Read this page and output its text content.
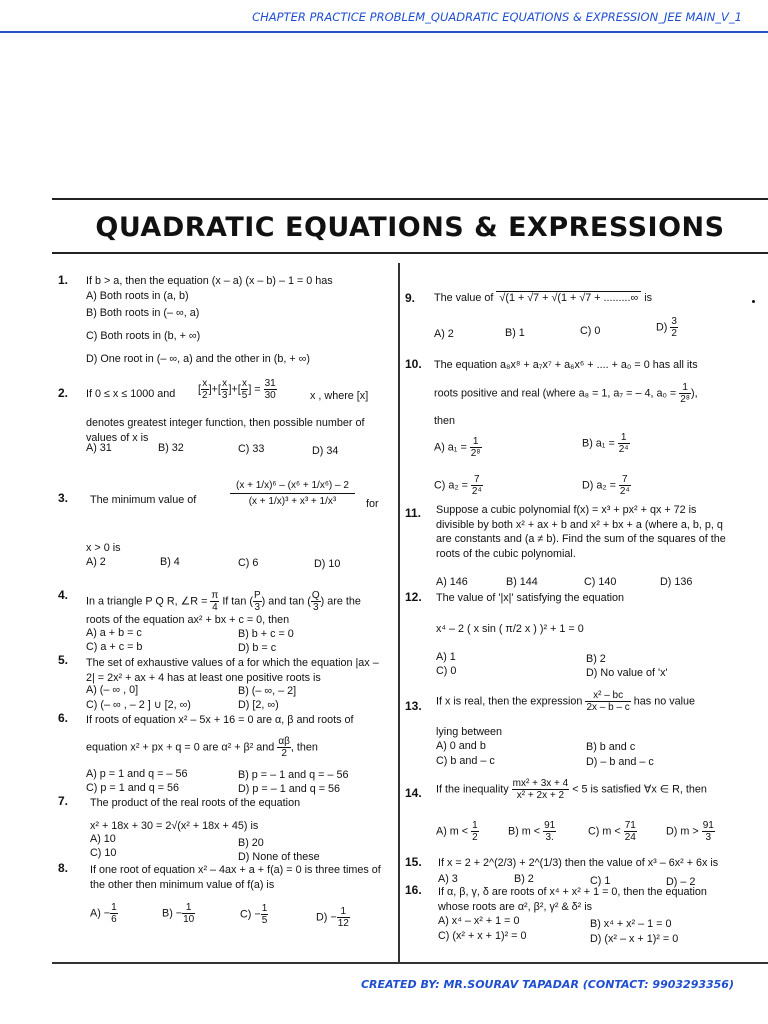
CHAPTER PRACTICE PROBLEM_QUADRATIC EQUATIONS & EXPRESSION_JEE MAIN_V_1
QUADRATIC EQUATIONS & EXPRESSIONS
1. If b > a, then the equation (x – a) (x – b) – 1 = 0 has
A) Both roots in (a, b)
B) Both roots in (– ∞, a)
C) Both roots in (b, + ∞)
D) One root in (– ∞, a) and the other in (b, + ∞)
2. If 0 ≤ x ≤ 1000 and [ $\frac{x}{2}$ ]+[ $\frac{x}{3}$ ]+[ $\frac{x}{5}$ ] = $\frac{31}{30}$	x , where [x]
denotes greatest integer function, then possible number of values of x is
A) 31	B) 32	C) 33	D) 34
3. The minimum value of	$\frac{\text{(x + 1/x)⁶ – (x⁶ + 1/x⁶) – 2}}{\text{(x + 1/x)³ + x³ + 1/x³}}$ for
x > 0 is
A) 2	B) 4	C) 6	D) 10
4. In a triangle P Q R, ∠R = $\frac{\pi}{4}$ If tan ( $\frac{P}{3}$ ) and tan ( $\frac{Q}{3}$ ) are the
roots of the equation ax² + bx + c = 0, then
A) a + b = c	B) b + c = 0
C) a + c = b	D) b = c
5. The set of exhaustive values of a for which the equation |ax – 2| = 2x² + ax + 4 has at least one positive roots is
A) (– ∞ , 0]	B) (– ∞, – 2]
C) (– ∞ , – 2 ] ∪ [2, ∞)	D) [2, ∞)
6. If roots of equation x² – 5x + 16 = 0 are α, β and roots of
equation x² + px + q = 0 are α² + β² and $\frac{\alpha\beta}{2}$ , then
A) p = 1 and q = – 56	B) p = – 1 and q = – 56
C) p = 1 and q = 56	D) p = – 1 and q = 56
7. The product of the real roots of the equation
x² + 18x + 30 = 2√(x² + 18x + 45) is
A) 10	B) 20
C) 10	D) None of these
8. If one root of equation x² – 4ax + a + f(a) = 0 is three times of the other then minimum value of f(a) is
$A) - \frac{1}{6}$	$B) - \frac{1}{10}$	$C) - \frac{1}{5}$	$D) - \frac{1}{12}$
9. The value of √(1 + √7 + √(1 + √7 + .........∞ is
A) 2	B) 1	C) 0	$D) \frac{3}{2}$
10. The equation a₈x⁸ + a₇x⁷ + a₆x⁶ + .... + a₀ = 0 has all its
roots positive and real (where a₈ = 1, a₇ = – 4, $a_0 = \frac{1}{\text{2⁸}}$ ),
then
A) $a_1 = \frac{1}{\text{2⁸}}$	B) $a_1 = \frac{1}{\text{2⁴}}$
C) $a_2 = \frac{7}{\text{2⁴}}$	D) $a_2 = \frac{7}{\text{2⁴}}$
11. Suppose a cubic polynomial f(x) = x³ + px² + qx + 72 is divisible by both x² + ax + b and x² + bx + a (where a, b, p, q are constants and (a ≠ b). Find the sum of the squares of the roots of the cubic polynomial.
A) 146	B) 144	C) 140	D) 136
12. The value of '|x|' satisfying the equation
x⁴ – 2 ( x sin ( π/2 x ) )² + 1 = 0
A) 1	B) 2
C) 0	D) No value of 'x'
13. If x is real, then the expression $\frac{\text{x² – bc}}{2x - b - c}$ has no value
lying between
A) 0 and b	B) b and c
C) b and – c	D) – b and – c
14. If the inequality $\frac{\text{mx² + 3x + 4}}{\text{x² + 2x + 2}} < 5$ is satisfied ∀x ∈ R, then
A) $m < \frac{1}{2}$	B) $m < \frac{91}{3.}$	C) $m < \frac{71}{24}$	D) $m > \frac{91}{3}$
15. If x = 2 + 2^(2/3) + 2^(1/3) then the value of x³ – 6x² + 6x is
A) 3	B) 2	C) 1	D) – 2
16. If α, β, γ, δ are roots of x⁴ + x² + 1 = 0, then the equation whose roots are α², β², γ² & δ² is
A) x⁴ – x² + 1 = 0	B) x⁴ + x² – 1 = 0
C) (x² + x + 1)² = 0	D) (x² – x + 1)² = 0
CREATED BY: MR.SOURAV TAPADAR (CONTACT: 9903293356)
